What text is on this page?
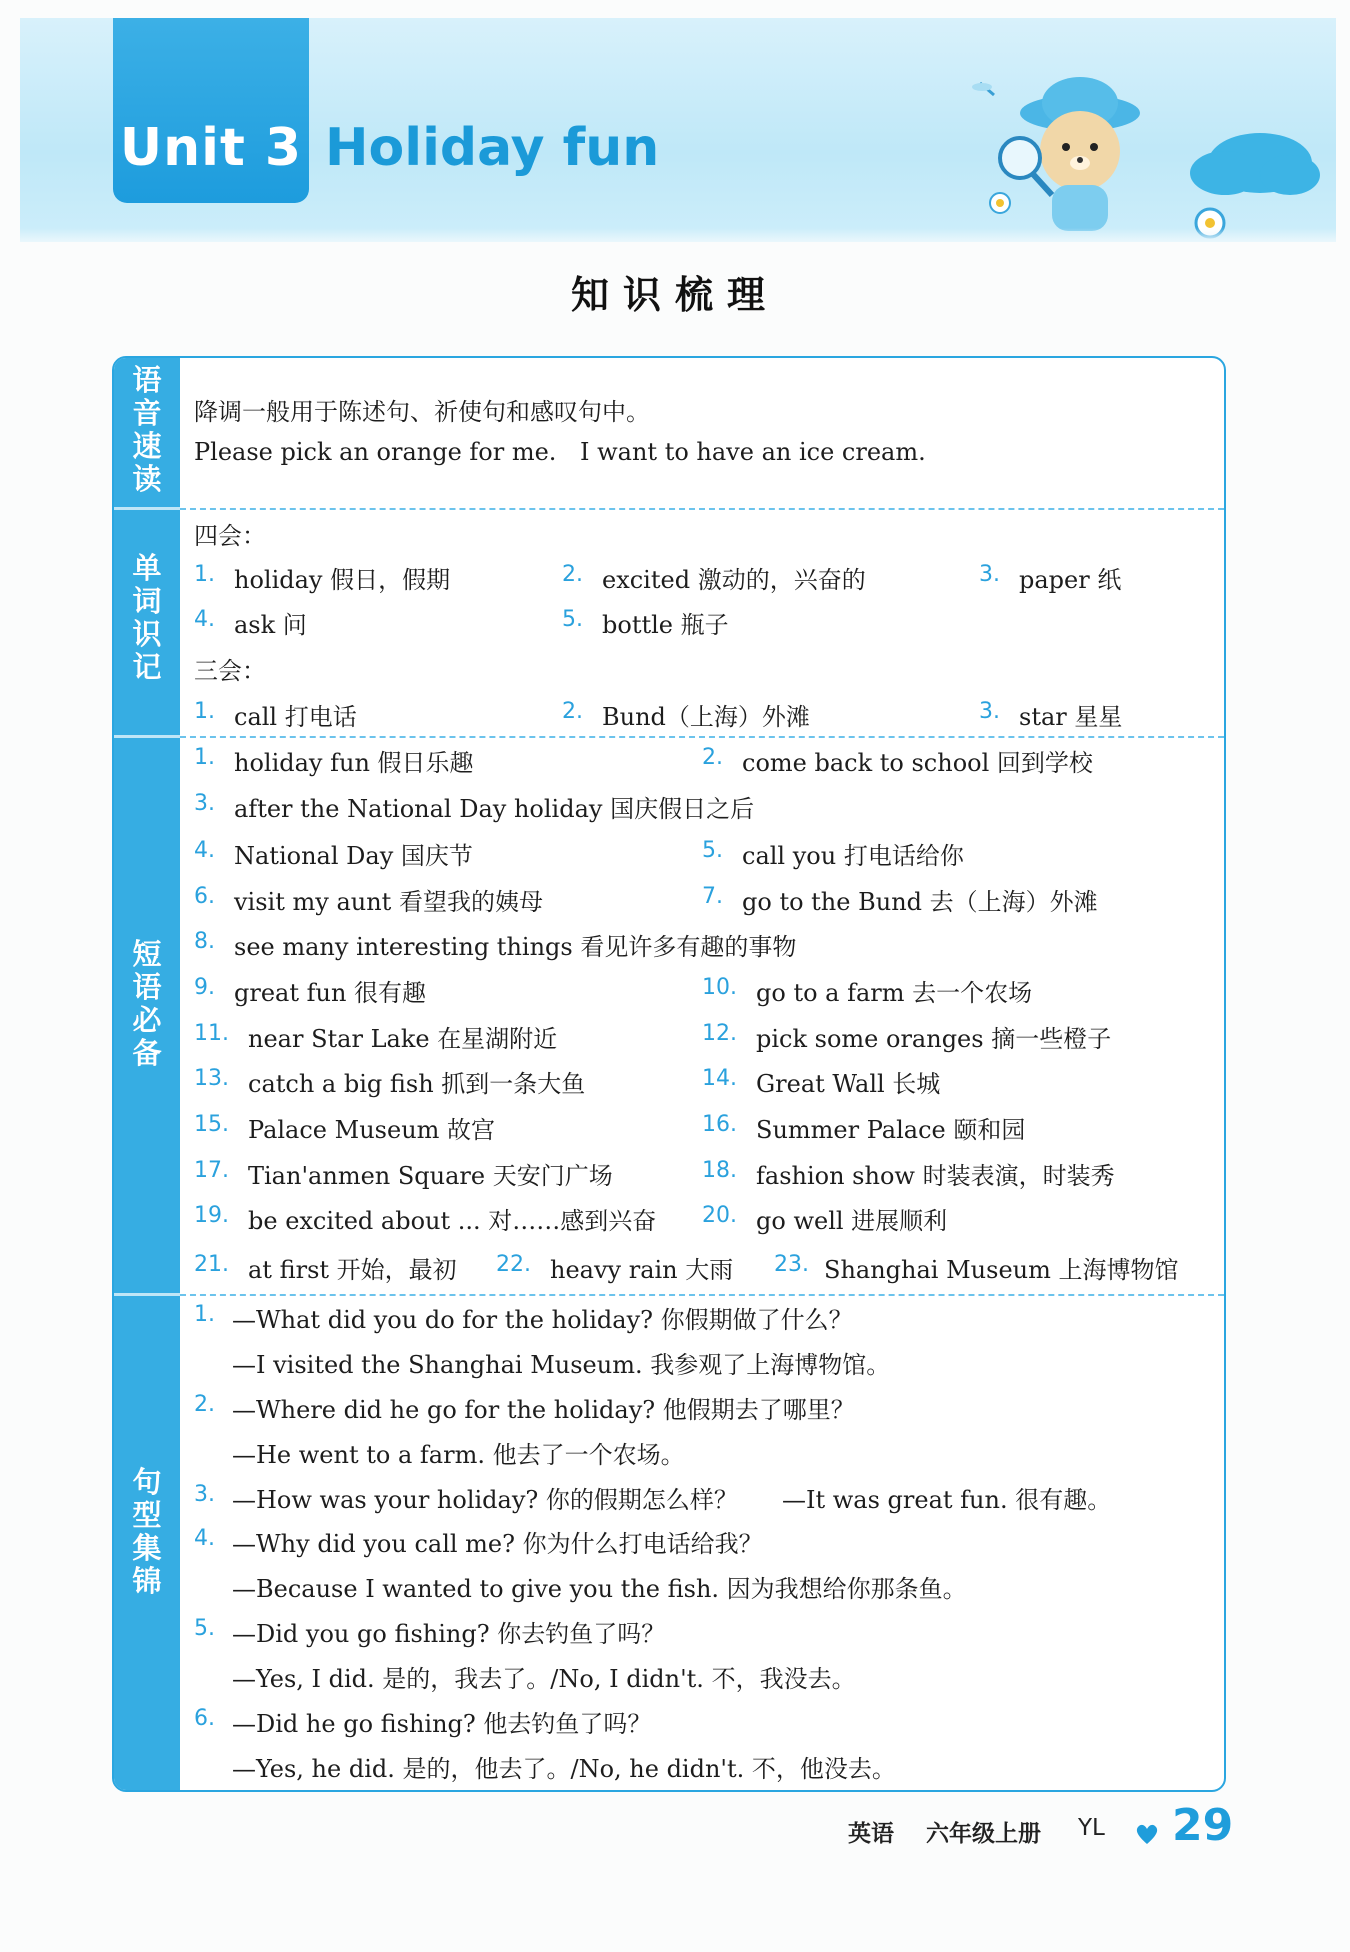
Unit 3 Holiday fun
知识梳理
语音速读
单词识记
短语必备
句型集锦
降调一般用于陈述句、祈使句和感叹句中。
Please pick an orange for me. I want to have an ice cream.
四会：
1. holiday 假日，假期	2. excited 激动的，兴奋的	3. paper 纸
4. ask 问	5. bottle 瓶子
三会：
1. call 打电话	2. Bund（上海）外滩	3. star 星星
1. holiday fun 假日乐趣	2. come back to school 回到学校
3. after the National Day holiday 国庆假日之后
4. National Day 国庆节	5. call you 打电话给你
6. visit my aunt 看望我的姨母	7. go to the Bund 去（上海）外滩
8. see many interesting things 看见许多有趣的事物
9. great fun 很有趣	10. go to a farm 去一个农场
11. near Star Lake 在星湖附近	12. pick some oranges 摘一些橙子
13. catch a big fish 抓到一条大鱼	14. Great Wall 长城
15. Palace Museum 故宫	16. Summer Palace 颐和园
17. Tian'anmen Square 天安门广场	18. fashion show 时装表演，时装秀
19. be excited about ... 对……感到兴奋 20. go well 进展顺利
21. at first 开始，最初 22. heavy rain 大雨 23. Shanghai Museum 上海博物馆
1. —What did you do for the holiday? 你假期做了什么？
—I visited the Shanghai Museum. 我参观了上海博物馆。
2. —Where did he go for the holiday? 他假期去了哪里？
—He went to a farm. 他去了一个农场。
3. —How was your holiday? 你的假期怎么样？ —It was great fun. 很有趣。
4. —Why did you call me? 你为什么打电话给我？
—Because I wanted to give you the fish. 因为我想给你那条鱼。
5. —Did you go fishing? 你去钓鱼了吗？
—Yes, I did. 是的，我去了。/No, I didn't. 不，我没去。
6. —Did he go fishing? 他去钓鱼了吗？
—Yes, he did. 是的，他去了。/No, he didn't. 不，他没去。
英语 六年级上册 YL 29
